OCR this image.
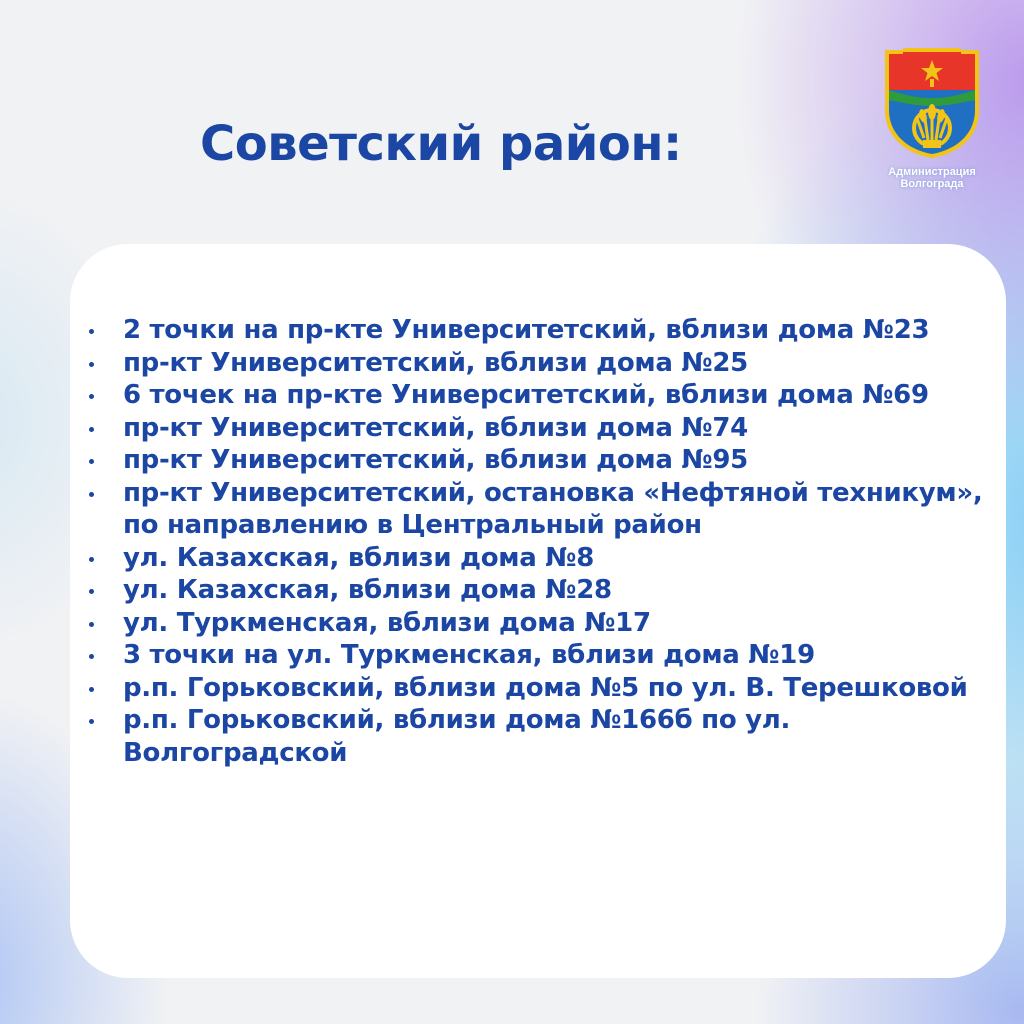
Советский район:	Администрация
Волгограда
2 точки на пр-кте Университетский, вблизи дома №23
пр-кт Университетский, вблизи дома №25
6 точек на пр-кте Университетский, вблизи дома №69
пр-кт Университетский, вблизи дома №74
пр-кт Университетский, вблизи дома №95
пр-кт Университетский, остановка «Нефтяной техникум», по направлению в Центральный район
ул. Казахская, вблизи дома №8
ул. Казахская, вблизи дома №28
ул. Туркменская, вблизи дома №17
3 точки на ул. Туркменская, вблизи дома №19
р.п. Горьковский, вблизи дома №5 по ул. В. Терешковой
р.п. Горьковский, вблизи дома №166б по ул. Волгоградской
